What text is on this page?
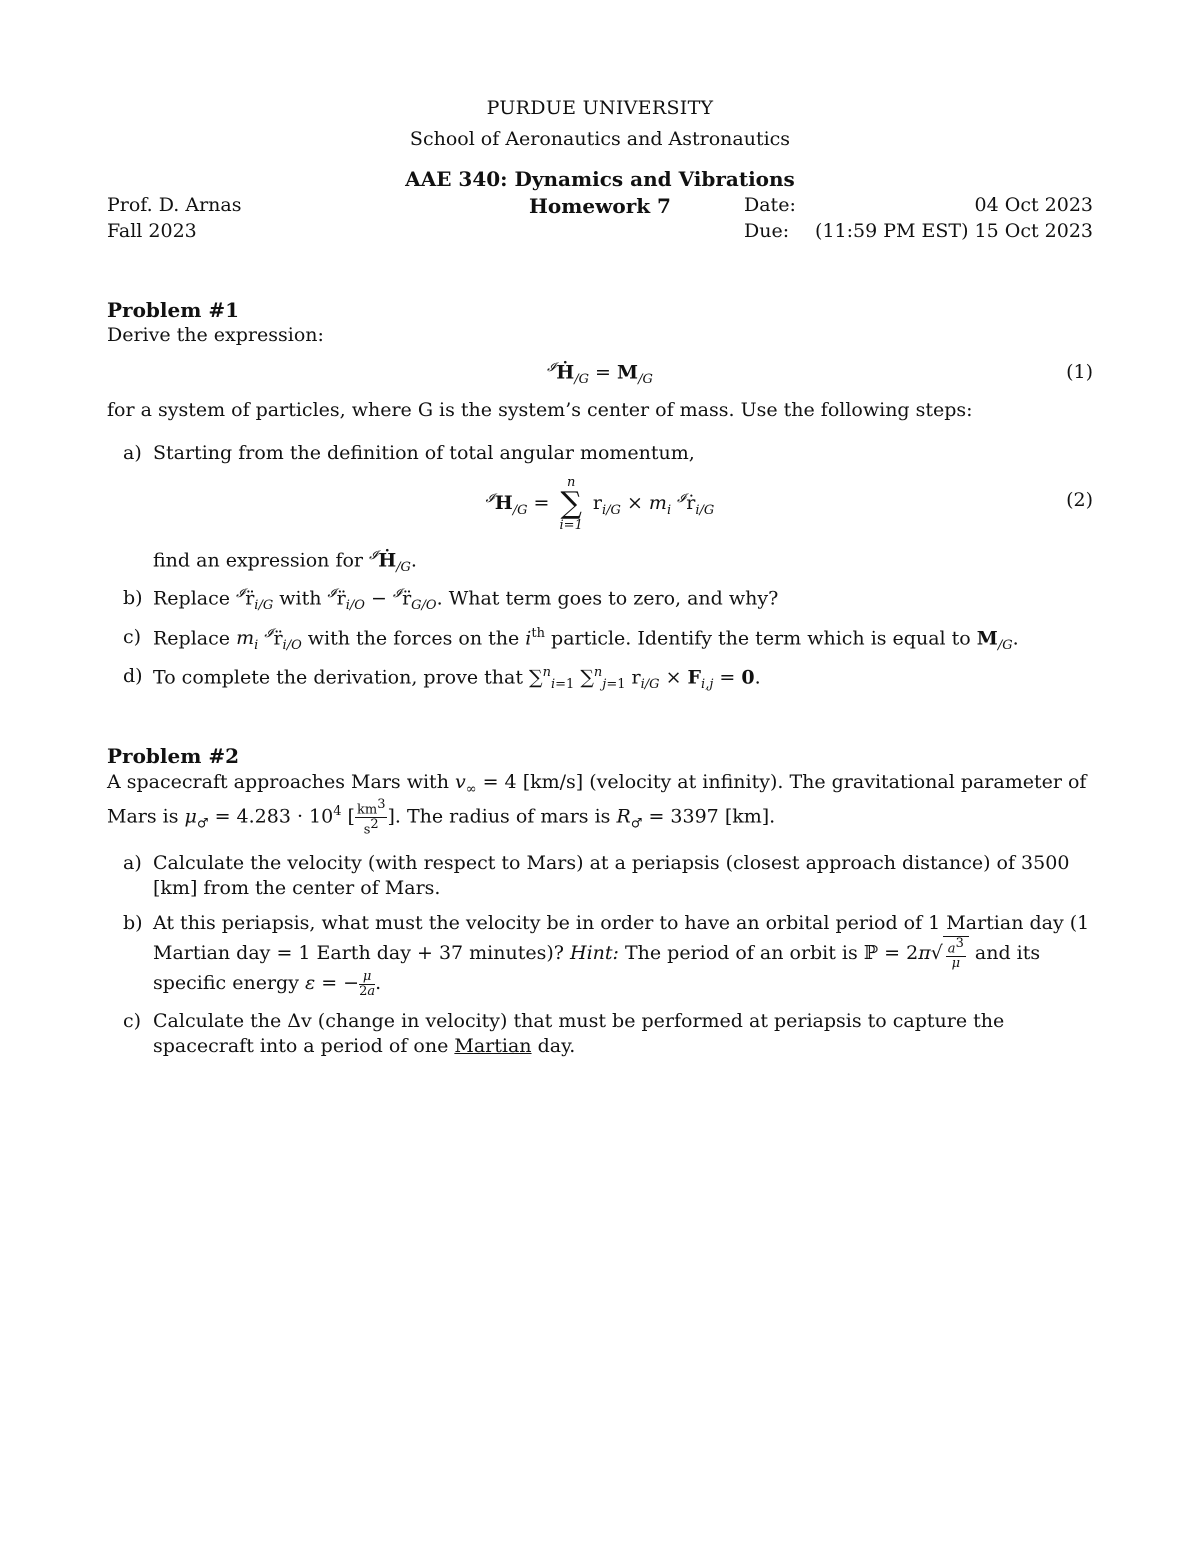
PURDUE UNIVERSITY
School of Aeronautics and Astronautics
AAE 340: Dynamics and Vibrations
Prof. D. Arnas	Homework 7	Date:	04 Oct 2023
Fall 2023	Due: (11:59 PM EST) 15 Oct 2023
Problem #1
Derive the expression:
$^𝓘$Ḣ$_{/G}$ = $M_{/G}$	(1)
for a system of particles, where G is the system’s center of mass. Use the following steps:
a) Starting from the definition of total angular momentum,
$^𝓘H_{/G}$ =
n
∑
i=1
$r_{i/G} \times m_i$ $^𝓘$ṙ$_{i/G}$	(2)
find an expression for $^𝓘$Ḣ$_{/G}$.
b) Replace $^𝓘r̈_{i/G}$ with $^𝓘r̈_{i/O}$ − $^𝓘r̈_{G/O}$. What term goes to zero, and why?
c) Replace $m_i$ $^𝓘r̈_{i/O}$ with the forces on the $i^{th}$ particle. Identify the term which is equal to $M_{/G}$.
d) To complete the derivation, prove that ∑$^n_{i=1}$ ∑$^n_{j=1}$ $r_{i/G} \times F_{i,j} = 0$.
Problem #2
A spacecraft approaches Mars with $v_\infty = 4$ [km/s] (velocity at infinity). The gravitational parameter of Mars is $\mu_♂ = 4.283 \cdot 10^4$ [ $\frac{km^3}{s^2}$ ]. The radius of mars is $R_♂ = 3397$ [km].
a) Calculate the velocity (with respect to Mars) at a periapsis (closest approach distance) of 3500 [km] from the center of Mars.
b) At this periapsis, what must the velocity be in order to have an orbital period of 1 Martian day (1 Martian day = 1 Earth day + 37 minutes)? Hint: The period of an orbit is ℙ = $2\pi√ \frac{a^3}{\mu}$ and its specific energy ε = − $\frac{\mu}{2a}$ .
c) Calculate the Δv (change in velocity) that must be performed at periapsis to capture the spacecraft into a period of one Martian day.
